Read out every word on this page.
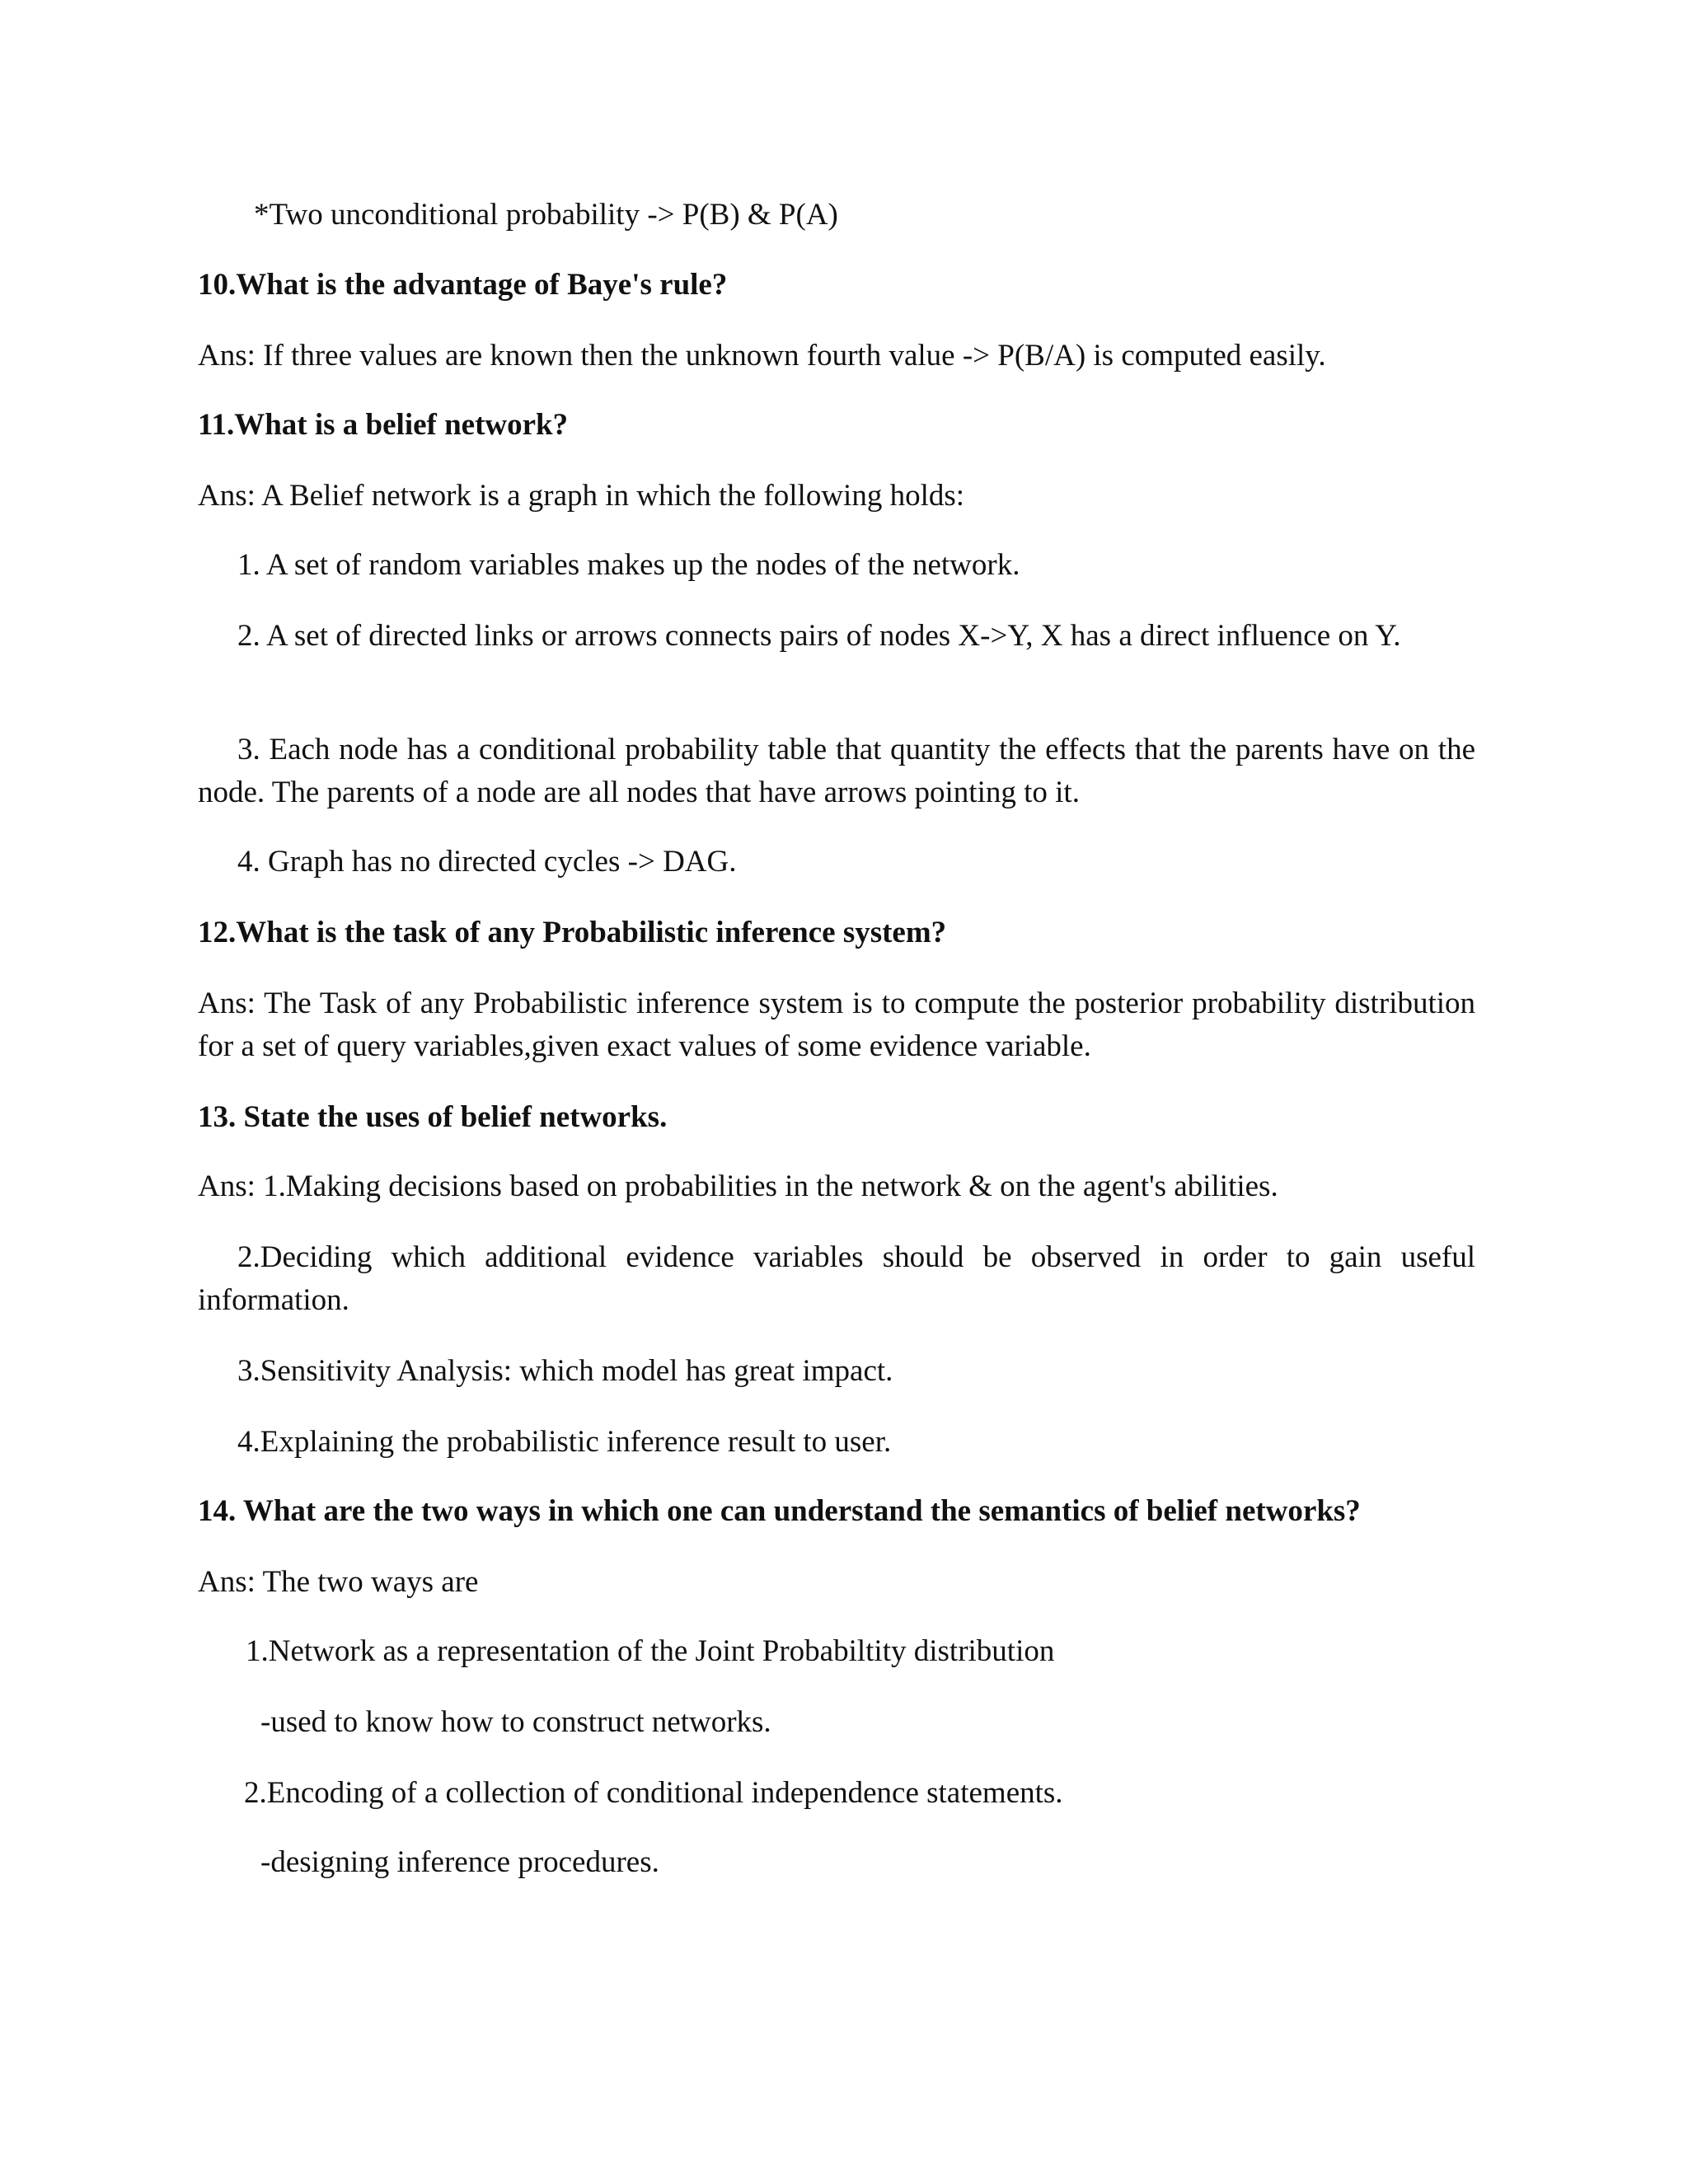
*Two unconditional probability -> P(B) & P(A)
10.What is the advantage of Baye's rule?
Ans: If three values are known then the unknown fourth value -> P(B/A) is computed easily.
11.What is a belief network?
Ans: A Belief network is a graph in which the following holds:
1. A set of random variables makes up the nodes of the network.
2. A set of directed links or arrows connects pairs of nodes X->Y, X has a direct influence on Y.
3. Each node has a conditional probability table that quantity the effects that the parents have on the node. The parents of a node are all nodes that have arrows pointing to it.
4. Graph has no directed cycles -> DAG.
12.What is the task of any Probabilistic inference system?
Ans: The Task of any Probabilistic inference system is to compute the posterior probability distribution for a set of query variables,given exact values of some evidence variable.
13. State the uses of belief networks.
Ans: 1.Making decisions based on probabilities in the network & on the agent's abilities.
2.Deciding which additional evidence variables should be observed in order to gain useful information.
3.Sensitivity Analysis: which model has great impact.
4.Explaining the probabilistic inference result to user.
14. What are the two ways in which one can understand the semantics of belief networks?
Ans: The two ways are
1.Network as a representation of the Joint Probabiltity distribution
-used to know how to construct networks.
2.Encoding of a collection of conditional independence statements.
-designing inference procedures.
